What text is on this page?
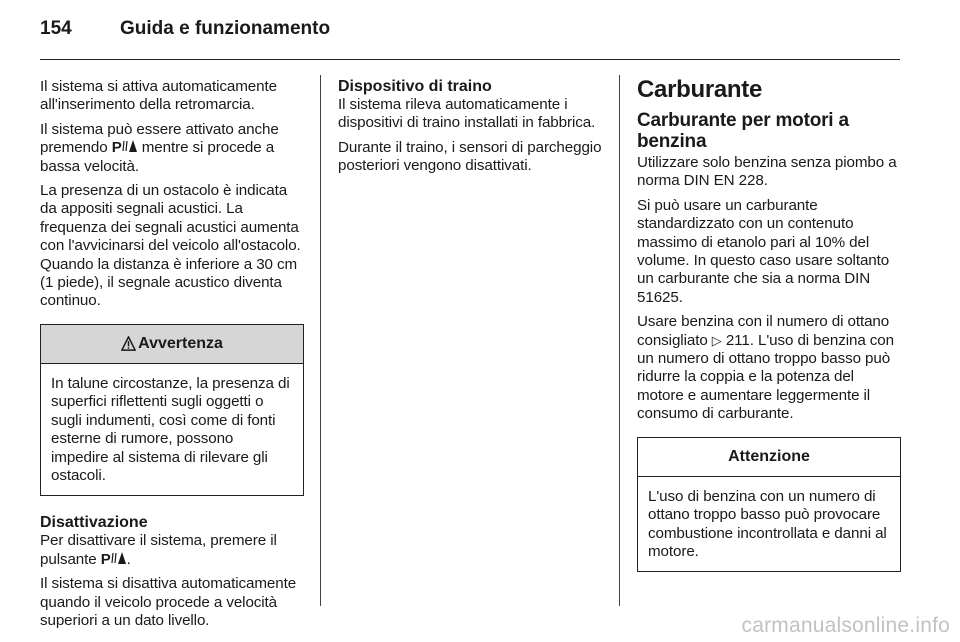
154	Guida e funzionamento

Il sistema si attiva automaticamente all'inserimento della retromarcia.

Il sistema può essere attivato anche premendo P mentre si procede a bassa velocità.

La presenza di un ostacolo è indicata da appositi segnali acustici. La frequenza dei segnali acustici aumenta con l'avvicinarsi del veicolo all'ostacolo. Quando la distanza è inferiore a 30 cm (1 piede), il segnale acustico diventa continuo.

Avvertenza

In talune circostanze, la presenza di superfici riflettenti sugli oggetti o sugli indumenti, così come di fonti esterne di rumore, possono impedire al sistema di rilevare gli ostacoli.

Disattivazione

Per disattivare il sistema, premere il pulsante P .

Il sistema si disattiva automaticamente quando il veicolo procede a velocità superiori a un dato livello.

Dispositivo di traino

Il sistema rileva automaticamente i dispositivi di traino installati in fabbrica.

Durante il traino, i sensori di parcheggio posteriori vengono disattivati.

Carburante
Carburante per motori a benzina

Utilizzare solo benzina senza piombo a norma DIN EN 228.

Si può usare un carburante standardizzato con un contenuto massimo di etanolo pari al 10% del volume. In questo caso usare soltanto un carburante che sia a norma DIN 51625.

Usare benzina con il numero di ottano consigliato ▷ 211. L'uso di benzina con un numero di ottano troppo basso può ridurre la coppia e la potenza del motore e aumentare leggermente il consumo di carburante.

Attenzione

L'uso di benzina con un numero di ottano troppo basso può provocare combustione incontrollata e danni al motore.

carmanualsonline.info
